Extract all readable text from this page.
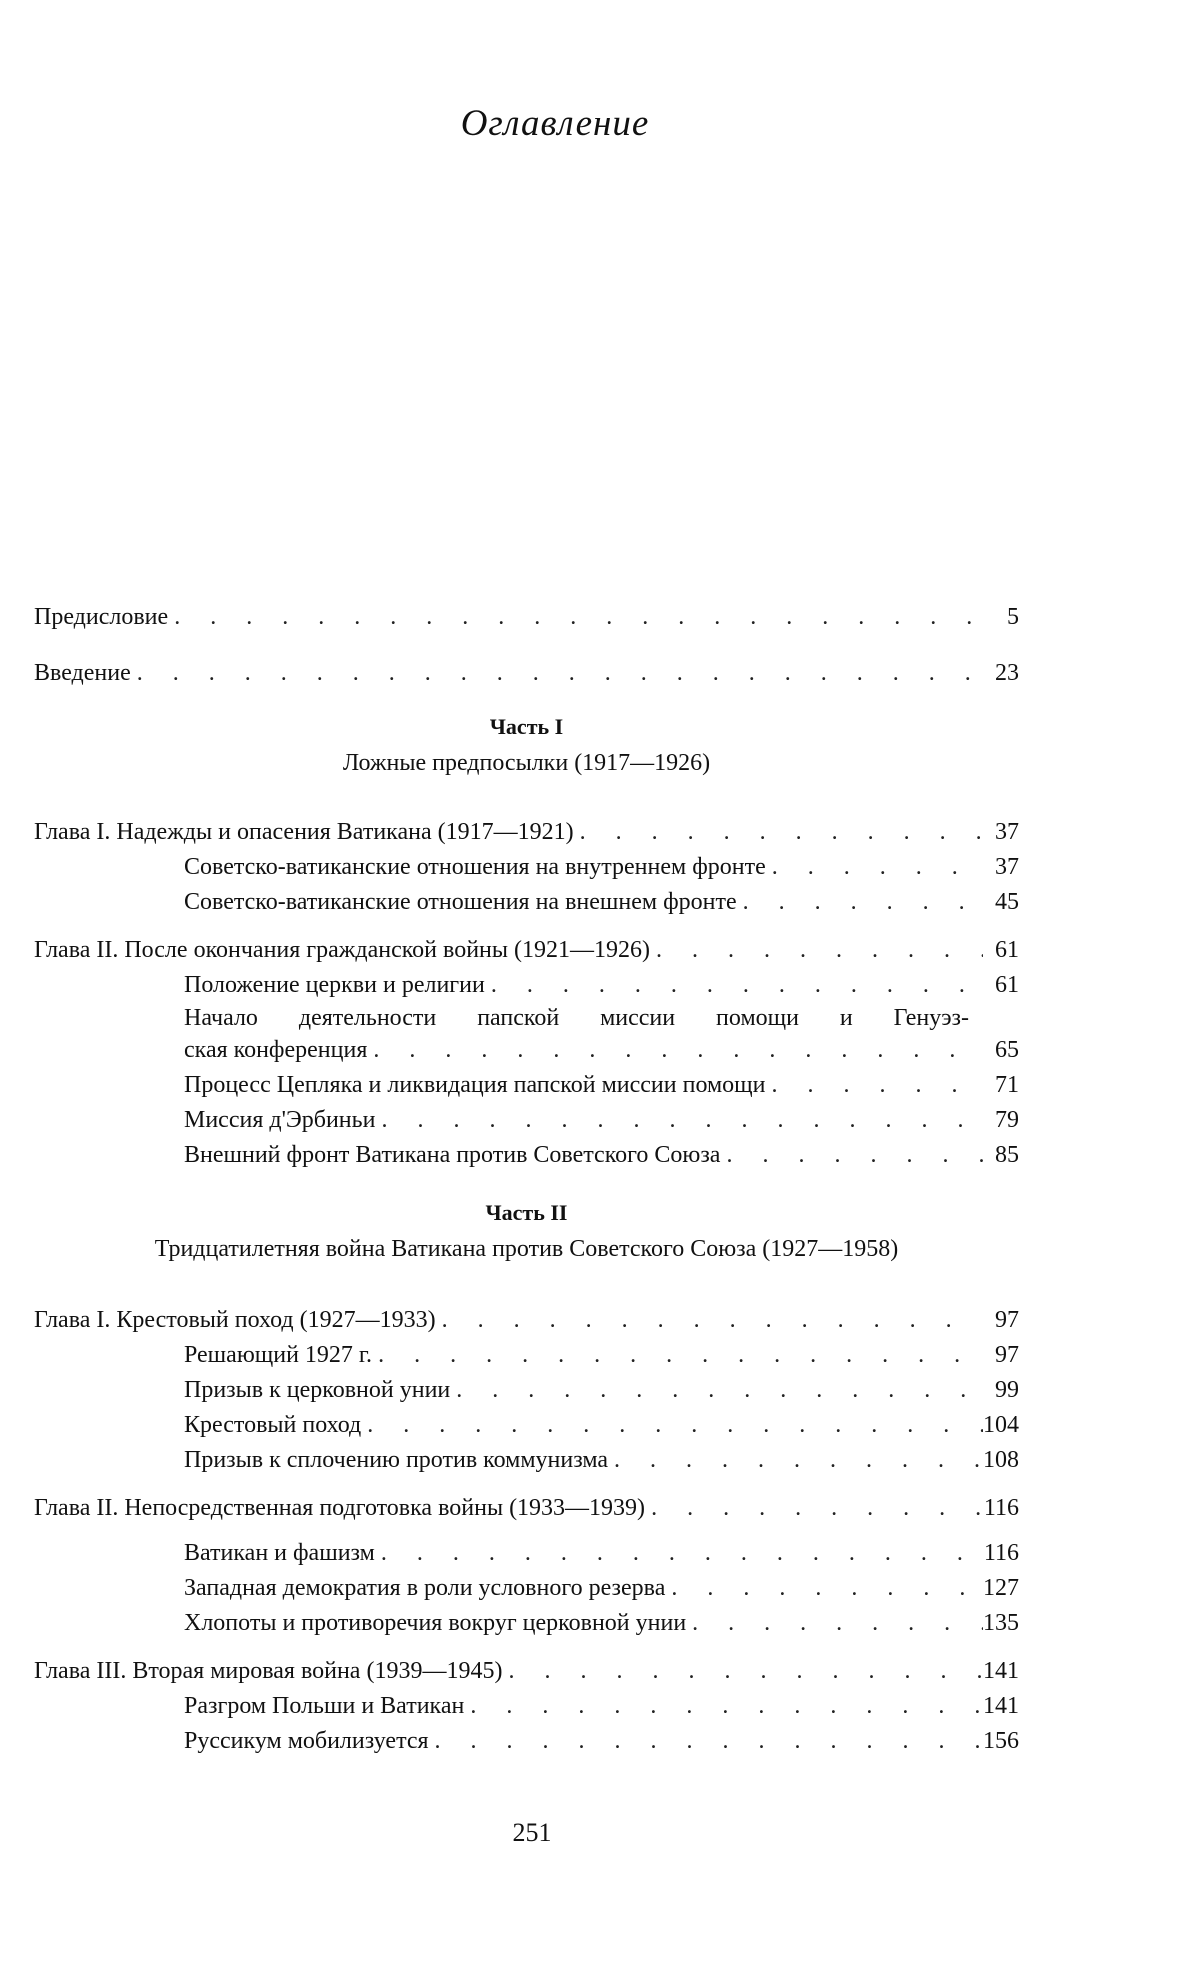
Оглавление
Предисловие . . .	5
Введение . . .	23
Часть I
Ложные предпосылки (1917—1926)
Глава I. Надежды и опасения Ватикана (1917—1921) . . .	37
Советско-ватиканские отношения на внутреннем фронте . . .	37
Советско-ватиканские отношения на внешнем фронте . . .	45
Глава II. После окончания гражданской войны (1921—1926) . . .	61
Положение церкви и религии . . .	61
Начало деятельности папской миссии помощи и Генуэз-
ская конференция . . .	65
Процесс Цепляка и ликвидация папской миссии помощи . . .	71
Миссия д'Эрбиньи . . .	79
Внешний фронт Ватикана против Советского Союза . . .	85
Часть II
Тридцатилетняя война Ватикана против Советского Союза (1927—1958)
Глава I. Крестовый поход (1927—1933) . . .	97
Решающий 1927 г. . . .	97
Призыв к церковной унии . . .	99
Крестовый поход . . .	104
Призыв к сплочению против коммунизма . . .	108
Глава II. Непосредственная подготовка войны (1933—1939) . . .	116
Ватикан и фашизм . . .	116
Западная демократия в роли условного резерва . . .	127
Хлопоты и противоречия вокруг церковной унии . . .	135
Глава III. Вторая мировая война (1939—1945) . . .	141
Разгром Польши и Ватикан . . .	141
Руссикум мобилизуется . . .	156
251
